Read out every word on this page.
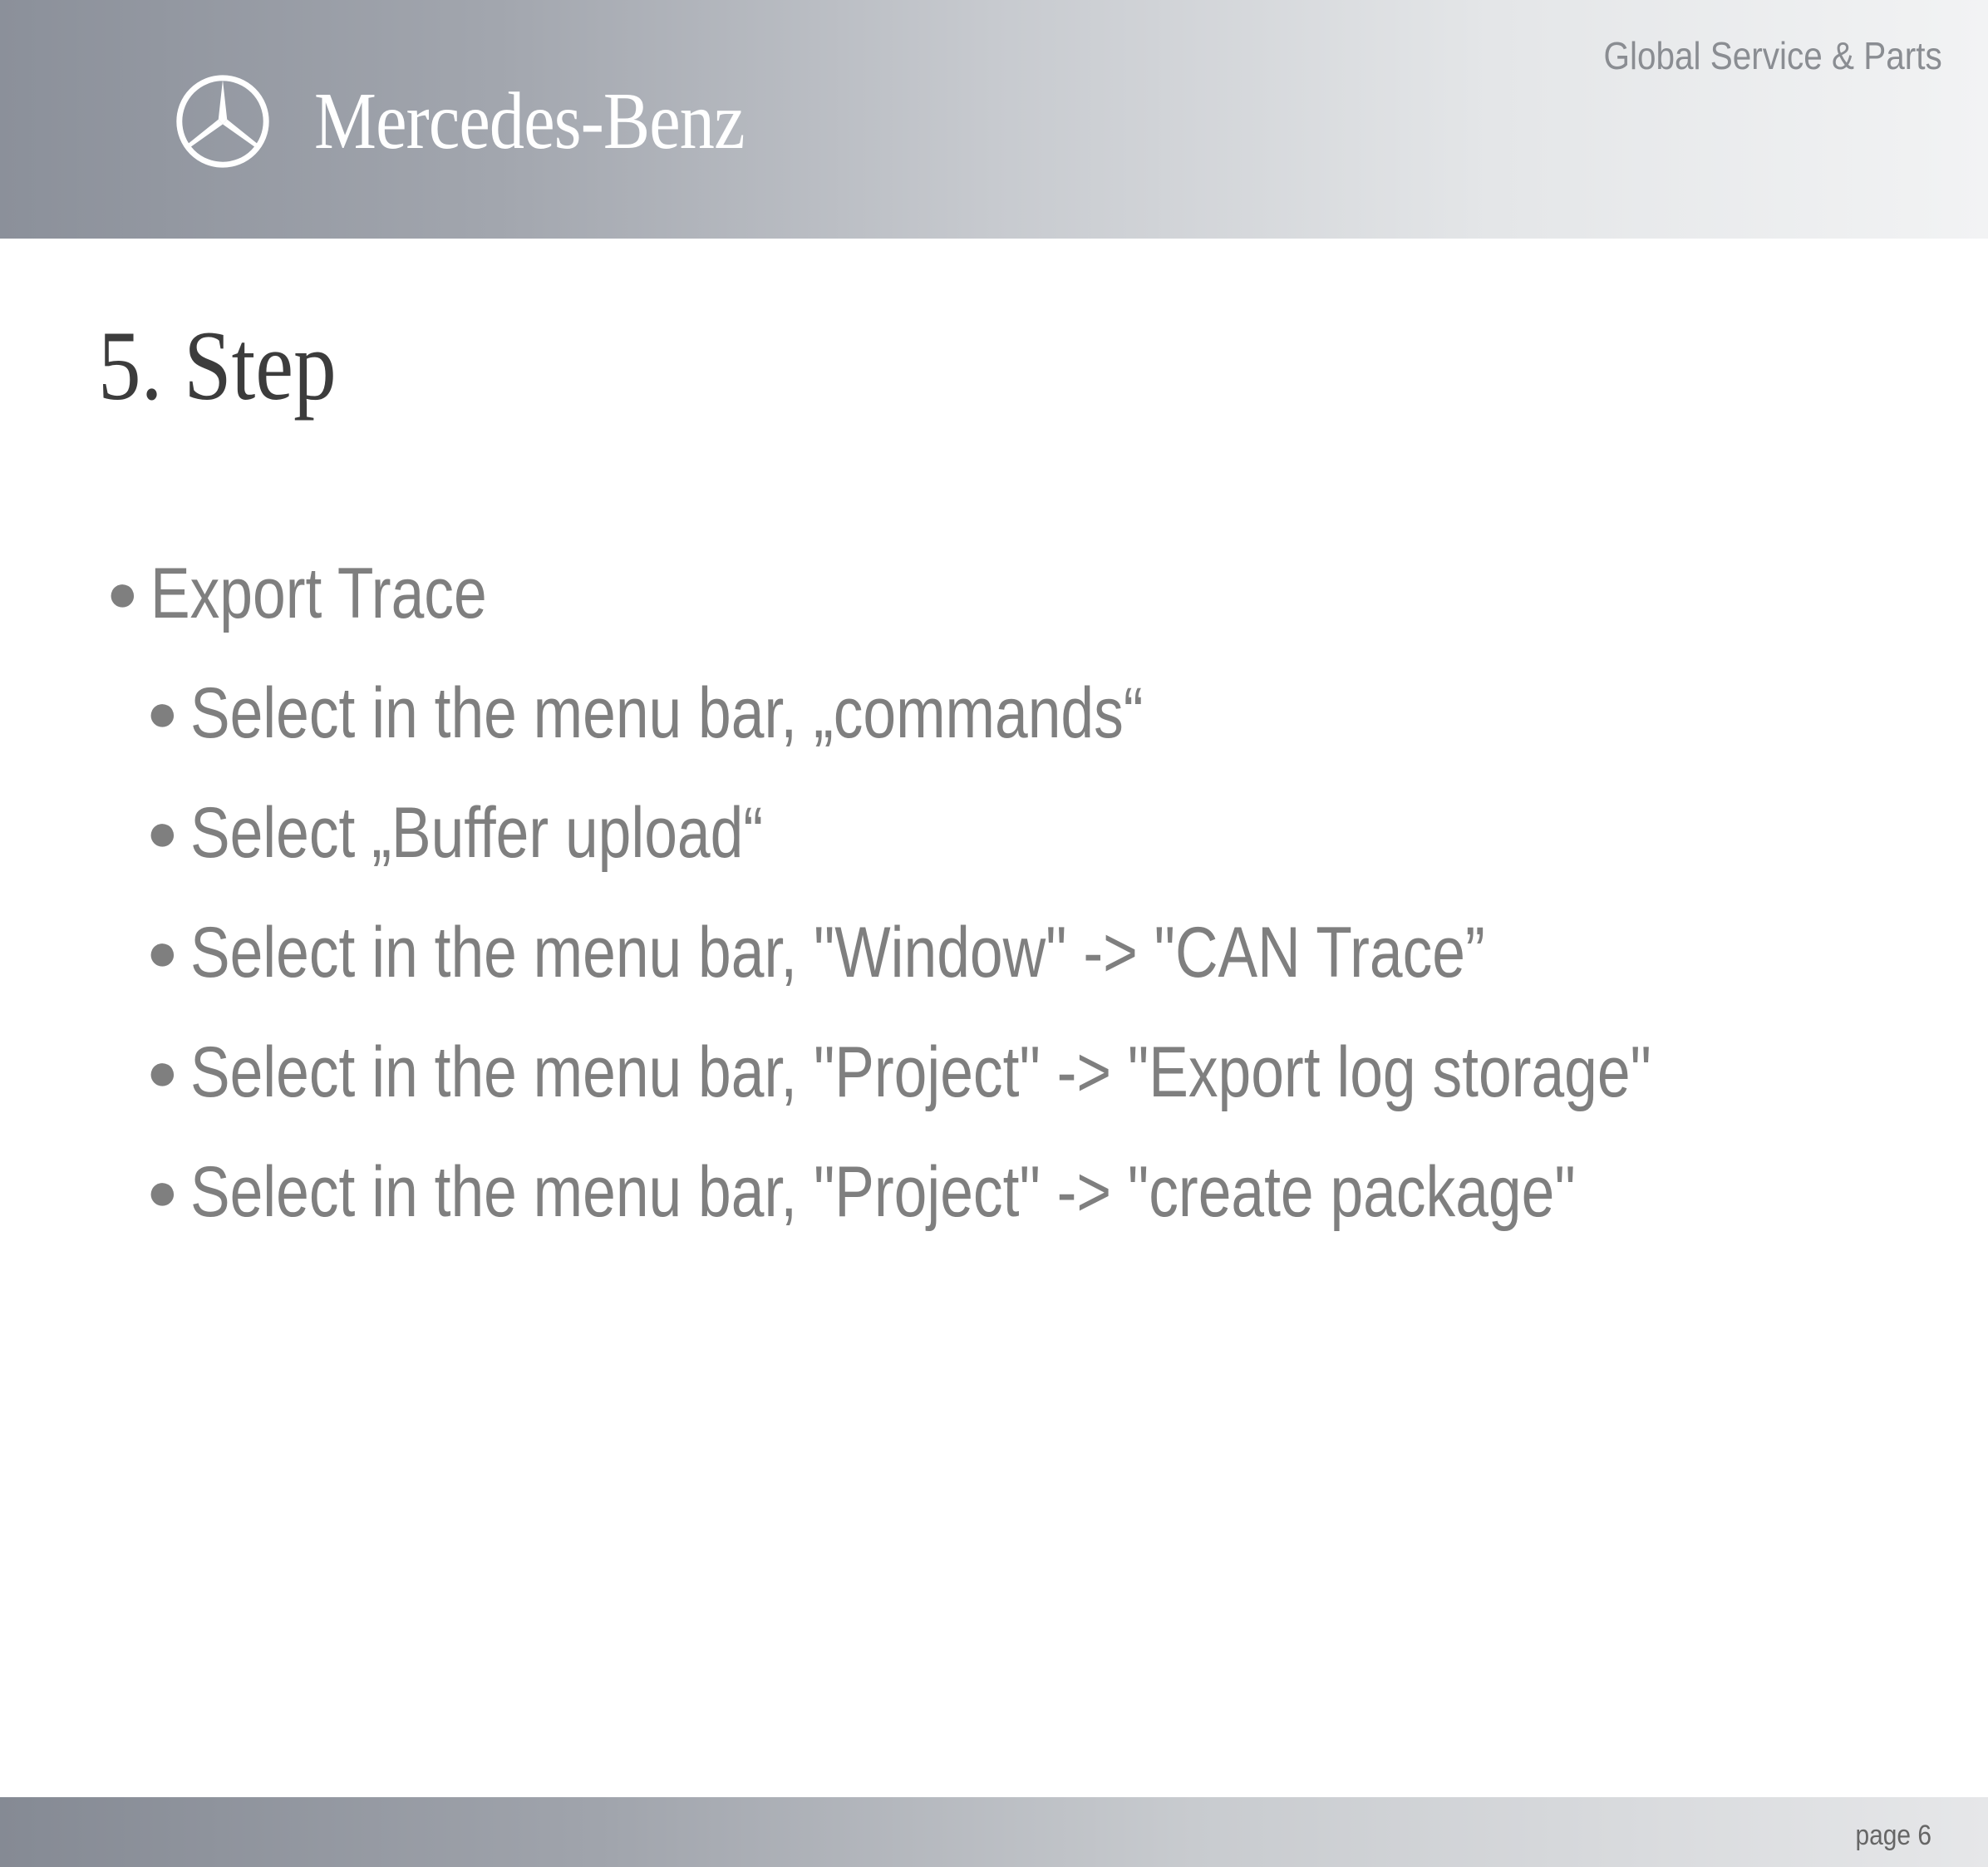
Mercedes-Benz
Global Service & Parts
5. Step
● Export Trace
● Select in the menu bar, „commands“
● Select „Buffer upload“
● Select in the menu bar, "Window" -> "CAN Trace”
● Select in the menu bar, "Project" -> "Export log storage"
● Select in the menu bar, "Project" -> "create package"
page 6
